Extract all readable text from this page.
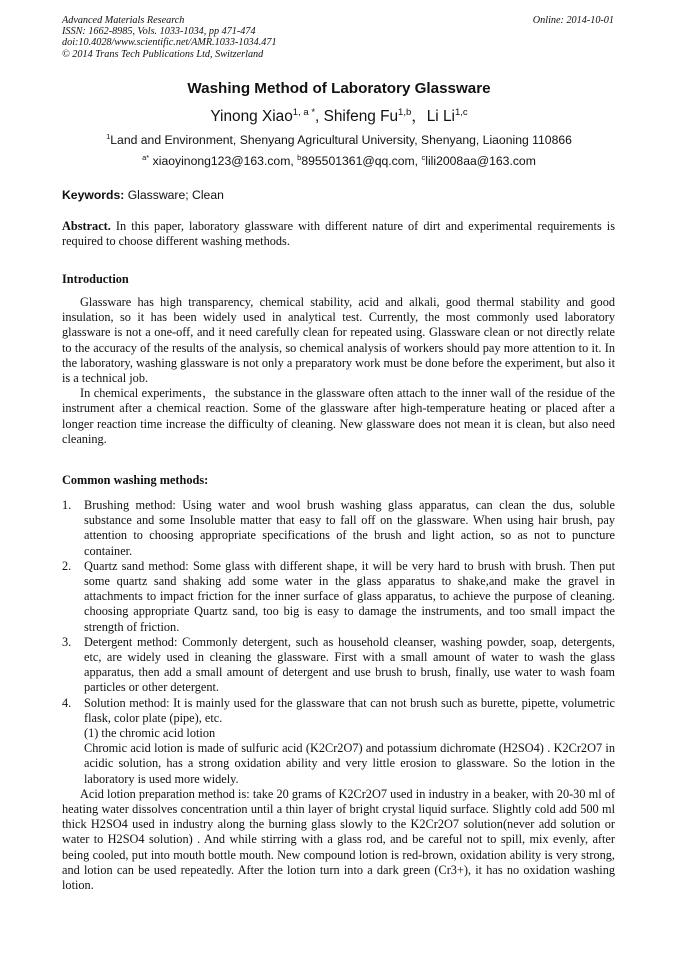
Advanced Materials Research
ISSN: 1662-8985, Vols. 1033-1034, pp 471-474
doi:10.4028/www.scientific.net/AMR.1033-1034.471
© 2014 Trans Tech Publications Ltd, Switzerland
Online: 2014-10-01
Washing Method of Laboratory Glassware
Yinong Xiao$^{1, a *}$, Shifeng Fu$^{1,b}$，Li Li$^{1,c}$
$^1$Land and Environment, Shenyang Agricultural University, Shenyang, Liaoning 110866
$^{a*}$ xiaoyinong123@163.com, $^b$895501361@qq.com, $^c$lili2008aa@163.com
Keywords: Glassware; Clean
Abstract. In this paper, laboratory glassware with different nature of dirt and experimental requirements is required to choose different washing methods.
Introduction

Glassware has high transparency, chemical stability, acid and alkali, good thermal stability and good insulation, so it has been widely used in analytical test. Currently, the most commonly used laboratory glassware is not a one-off, and it need carefully clean for repeated using. Glassware clean or not directly relate to the accuracy of the results of the analysis, so chemical analysis of workers should pay more attention to it. In the laboratory, washing glassware is not only a preparatory work must be done before the experiment, but also it is a technical job.

In chemical experiments，the substance in the glassware often attach to the inner wall of the residue of the instrument after a chemical reaction. Some of the glassware after high-temperature heating or placed after a longer reaction time increase the difficulty of cleaning. New glassware does not mean it is clean, but also need cleaning.

Common washing methods:
1. Brushing method: Using water and wool brush washing glass apparatus, can clean the dus, soluble substance and some Insoluble matter that easy to fall off on the glassware. When using hair brush, pay attention to choosing appropriate specifications of the brush and light action, so as not to puncture container.
2. Quartz sand method: Some glass with different shape, it will be very hard to brush with brush. Then put some quartz sand shaking add some water in the glass apparatus to shake,and make the gravel in attachments to impact friction for the inner surface of glass apparatus, to achieve the purpose of cleaning. choosing appropriate Quartz sand, too big is easy to damage the instruments, and too small impact the strength of friction.
3. Detergent method: Commonly detergent, such as household cleanser, washing powder, soap, detergents, etc, are widely used in cleaning the glassware. First with a small amount of water to wash the glass apparatus, then add a small amount of detergent and use brush to brush, finally, use water to wash foam particles or other detergent.
4. Solution method: It is mainly used for the glassware that can not brush such as burette, pipette, volumetric flask, color plate (pipe), etc.
(1) the chromic acid lotion
Chromic acid lotion is made of sulfuric acid (K2Cr2O7) and potassium dichromate (H2SO4) . K2Cr2O7 in acidic solution, has a strong oxidation ability and very little erosion to glassware. So the lotion in the laboratory is used more widely.

Acid lotion preparation method is: take 20 grams of K2Cr2O7 used in industry in a beaker, with 20-30 ml of heating water dissolves concentration until a thin layer of bright crystal liquid surface. Slightly cold add 500 ml thick H2SO4 used in industry along the burning glass slowly to the K2Cr2O7 solution(never add solution or water to H2SO4 solution) . And while stirring with a glass rod, and be careful not to spill, mix evenly, after being cooled, put into mouth bottle mouth. New compound lotion is red-brown, oxidation ability is very strong, and lotion can be used repeatedly. After the lotion turn into a dark green (Cr3+), it has no oxidation washing lotion.
